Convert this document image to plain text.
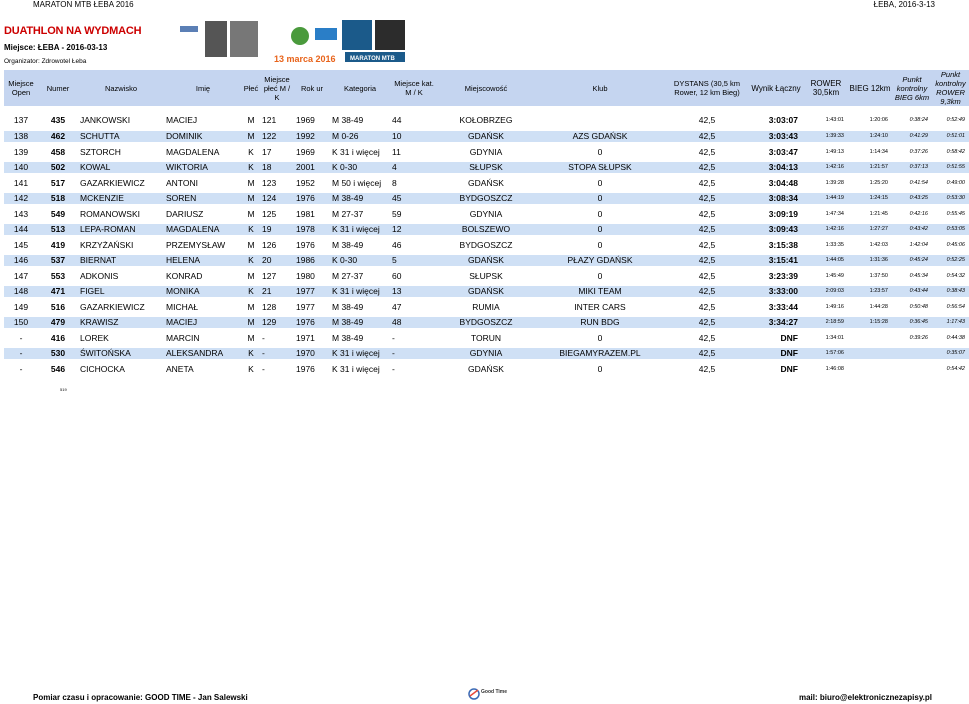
MARATON MTB ŁEBA 2016	ŁEBA, 2016-3-13
DUATHLON NA WYDMACH
Miejsce: ŁEBA - 2016-03-13
Organizator: Zdrowotel Łeba	13 marca 2016 MARATON MTB
Miejsce Open	Numer	Nazwisko	Imię	Płeć	Miejsce płeć M / K	Rok ur	Kategoria	Miejsce kat. M / K	Miejscowość	Klub	DYSTANS (30,5 km Rower, 12 km Bieg)	Wynik Łączny	ROWER 30,5km	BIEG 12km	Punkt kontrolny BIEG 6km	Punkt kontrolny ROWER 9,3km

137	435	JANKOWSKI	MACIEJ	M	121	1969	M 38-49	44	KOŁOBRZEG		42,5	3:03:07	1:43:01	1:20:06	0:38:24	0:52:49
138	462	SCHUTTA	DOMINIK	M	122	1992	M 0-26	10	GDAŃSK	AZS GDAŃSK	42,5	3:03:43	1:39:33	1:24:10	0:41:29	0:51:01
139	458	SZTORCH	MAGDALENA	K	17	1969	K 31 i więcej	11	GDYNIA	0	42,5	3:03:47	1:49:13	1:14:34	0:37:26	0:58:42
140	502	KOWAL	WIKTORIA	K	18	2001	K 0-30	4	SŁUPSK	STOPA SŁUPSK	42,5	3:04:13	1:42:16	1:21:57	0:37:13	0:51:55
141	517	GAZARKIEWICZ	ANTONI	M	123	1952	M 50 i więcej	8	GDAŃSK	0	42,5	3:04:48	1:39:28	1:25:20	0:41:54	0:49:00
142	518	MCKENZIE	SOREN	M	124	1976	M 38-49	45	BYDGOSZCZ	0	42,5	3:08:34	1:44:19	1:24:15	0:43:25	0:53:30
143	549	ROMANOWSKI	DARIUSZ	M	125	1981	M 27-37	59	GDYNIA	0	42,5	3:09:19	1:47:34	1:21:45	0:42:16	0:55:45
144	513	LEPA-ROMAN	MAGDALENA	K	19	1978	K 31 i więcej	12	BOLSZEWO	0	42,5	3:09:43	1:42:16	1:27:27	0:43:42	0:53:05
145	419	KRZYŻAŃSKI	PRZEMYSŁAW	M	126	1976	M 38-49	46	BYDGOSZCZ	0	42,5	3:15:38	1:33:35	1:42:03	1:42:04	0:45:06
146	537	BIERNAT	HELENA	K	20	1986	K 0-30	5	GDAŃSK	PŁAZY GDAŃSK	42,5	3:15:41	1:44:05	1:31:36	0:45:24	0:52:25
147	553	ADKONIS	KONRAD	M	127	1980	M 27-37	60	SŁUPSK	0	42,5	3:23:39	1:45:49	1:37:50	0:45:34	0:54:32
148	471	FIGEL	MONIKA	K	21	1977	K 31 i więcej	13	GDAŃSK	MIKI TEAM	42,5	3:33:00	2:09:03	1:23:57	0:43:44	0:38:43
149	516	GAZARKIEWICZ	MICHAŁ	M	128	1977	M 38-49	47	RUMIA	INTER CARS	42,5	3:33:44	1:49:16	1:44:28	0:50:48	0:56:54
150	479	KRAWISZ	MACIEJ	M	129	1976	M 38-49	48	BYDGOSZCZ	RUN BDG	42,5	3:34:27	2:18:59	1:15:28	0:36:45	1:17:43
-	416	LOREK	MARCIN	M	-	1971	M 38-49	-	TORUN	0	42,5	DNF	1:34:01		0:39:26	0:44:38
-	530	ŚWITOŃSKA	ALEKSANDRA	K	-	1970	K 31 i więcej	-	GDYNIA	BIEGAMYRAZEM.PL	42,5	DNF	1:57:06			0:35:07
-	546	CICHOCKA	ANETA	K	-	1976	K 31 i więcej	-	GDAŃSK	0	42,5	DNF	1:46:08			0:54:42
519
Pomiar czasu i opracowanie: GOOD TIME - Jan Salewski
Good Time
mail: biuro@elektronicznezapisy.pl
